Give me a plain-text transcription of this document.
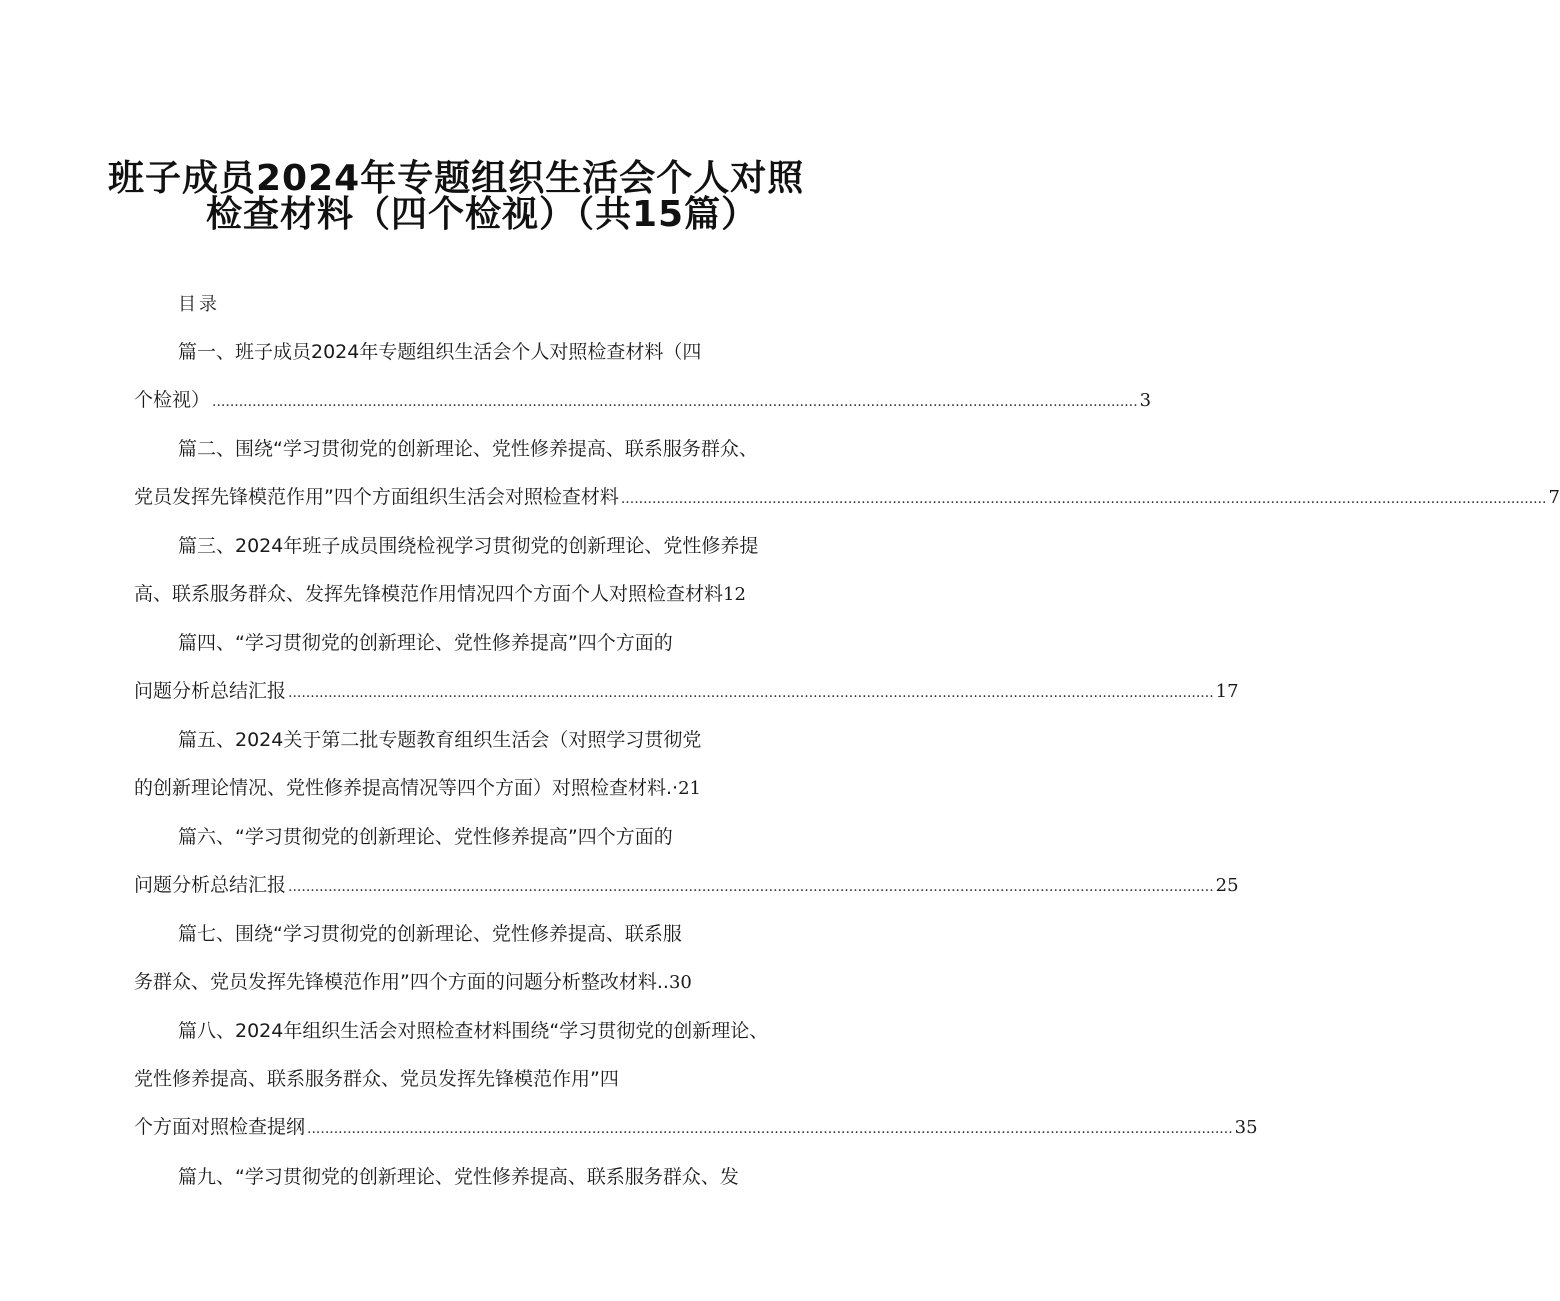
班子成员2024年专题组织生活会个人对照
检查材料（四个检视）（共15篇）
目录
篇一、班子成员2024年专题组织生活会个人对照检查材料（四
个检视） ................................................................................................................................................................................................................ 3
篇二、围绕“学习贯彻党的创新理论、党性修养提高、联系服务群众、
党员发挥先锋模范作用”四个方面组织生活会对照检查材料 ................................................................................................................................................................................................................ 7
篇三、2024年班子成员围绕检视学习贯彻党的创新理论、党性修养提
高、联系服务群众、发挥先锋模范作用情况四个方面个人对照检查材料 12
篇四、“学习贯彻党的创新理论、党性修养提高”四个方面的
问题分析总结汇报 ................................................................................................................................................................................................................ 17
篇五、2024关于第二批专题教育组织生活会（对照学习贯彻党
的创新理论情况、党性修养提高情况等四个方面）对照检查材料.· 21
篇六、“学习贯彻党的创新理论、党性修养提高”四个方面的
问题分析总结汇报 ................................................................................................................................................................................................................ 25
篇七、围绕“学习贯彻党的创新理论、党性修养提高、联系服
务群众、党员发挥先锋模范作用”四个方面的问题分析整改材料.. 30
篇八、2024年组织生活会对照检查材料围绕“学习贯彻党的创新理论、
党性修养提高、联系服务群众、党员发挥先锋模范作用”四
个方面对照检查提纲 ................................................................................................................................................................................................................ 35
篇九、“学习贯彻党的创新理论、党性修养提高、联系服务群众、发
